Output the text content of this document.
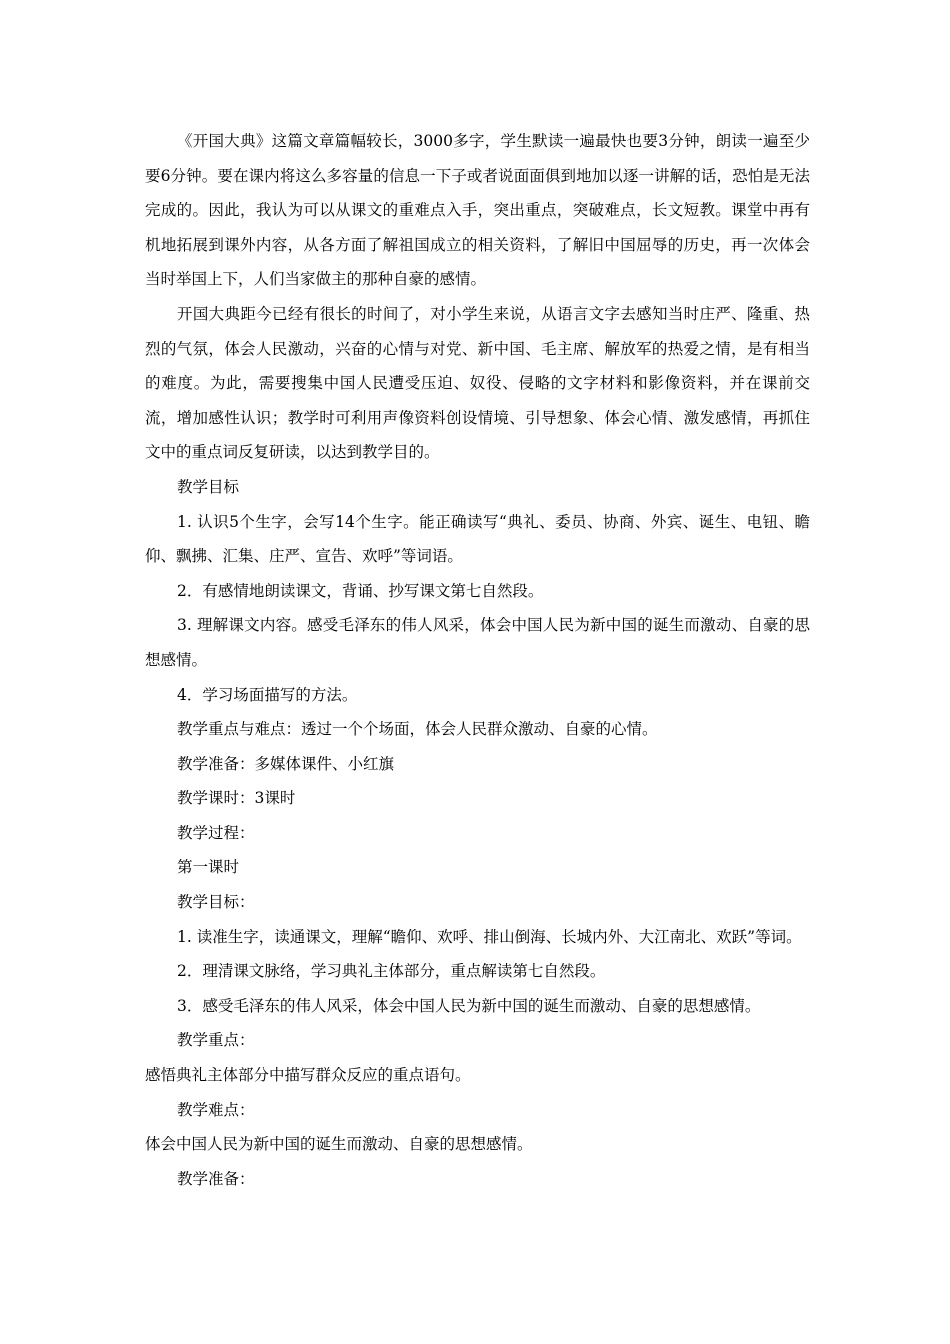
《开国大典》这篇文章篇幅较长，3000多字，学生默读一遍最快也要3分钟，朗读一遍至少要6分钟。要在课内将这么多容量的信息一下子或者说面面俱到地加以逐一讲解的话，恐怕是无法完成的。因此，我认为可以从课文的重难点入手，突出重点，突破难点，长文短教。课堂中再有机地拓展到课外内容，从各方面了解祖国成立的相关资料，了解旧中国屈辱的历史，再一次体会当时举国上下，人们当家做主的那种自豪的感情。

开国大典距今已经有很长的时间了，对小学生来说，从语言文字去感知当时庄严、隆重、热烈的气氛，体会人民激动，兴奋的心情与对党、新中国、毛主席、解放军的热爱之情，是有相当的难度。为此，需要搜集中国人民遭受压迫、奴役、侵略的文字材料和影像资料，并在课前交流，增加感性认识；教学时可利用声像资料创设情境、引导想象、体会心情、激发感情，再抓住文中的重点词反复研读，以达到教学目的。

教学目标

1. 认识5个生字，会写14个生字。能正确读写“典礼、委员、协商、外宾、诞生、电钮、瞻仰、飘拂、汇集、庄严、宣告、欢呼”等词语。

2．有感情地朗读课文，背诵、抄写课文第七自然段。

3. 理解课文内容。感受毛泽东的伟人风采，体会中国人民为新中国的诞生而激动、自豪的思想感情。

4．学习场面描写的方法。

教学重点与难点：透过一个个场面，体会人民群众激动、自豪的心情。

教学准备：多媒体课件、小红旗

教学课时：3课时

教学过程：

第一课时

教学目标：

1. 读准生字，读通课文，理解“瞻仰、欢呼、排山倒海、长城内外、大江南北、欢跃”等词。

2．理清课文脉络，学习典礼主体部分，重点解读第七自然段。

3．感受毛泽东的伟人风采，体会中国人民为新中国的诞生而激动、自豪的思想感情。

教学重点：

感悟典礼主体部分中描写群众反应的重点语句。

教学难点：

体会中国人民为新中国的诞生而激动、自豪的思想感情。

教学准备：
